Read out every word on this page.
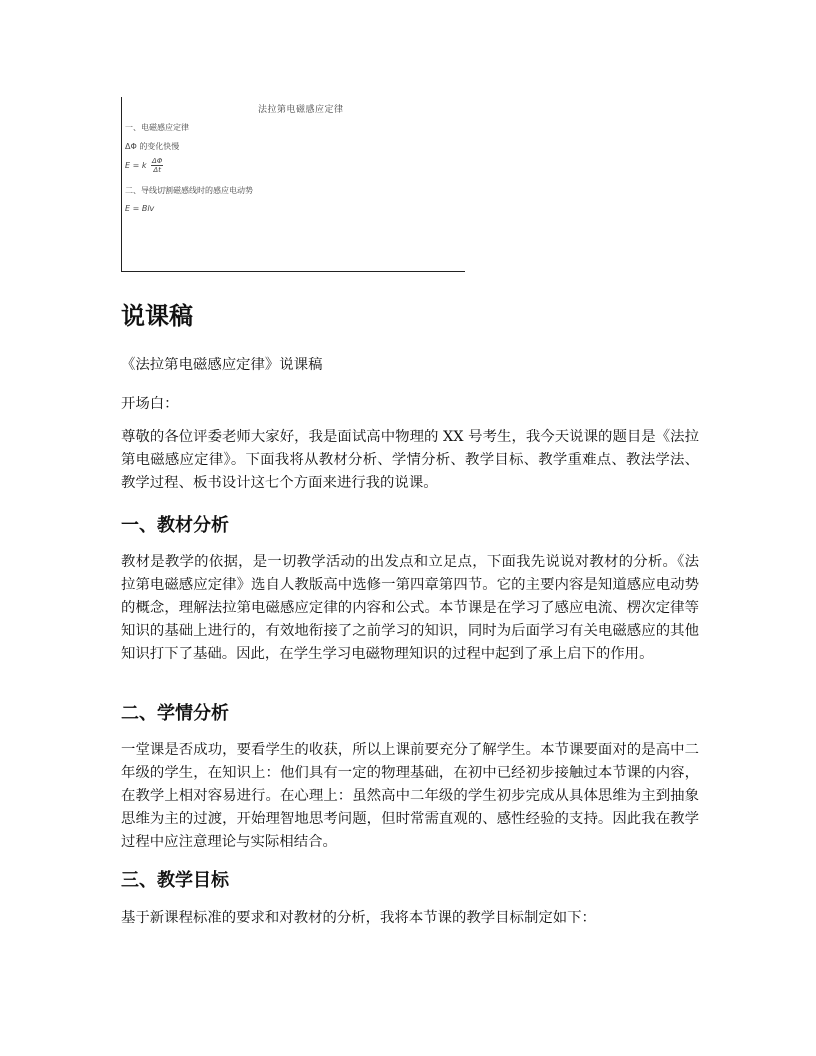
法拉第电磁感应定律
一、电磁感应定律
ΔΦ 的变化快慢
E = k $\frac{\Delta\Phi}{\Delta t}$
二、导线切割磁感线时的感应电动势
E = Blv
说课稿

《法拉第电磁感应定律》说课稿

开场白：

尊敬的各位评委老师大家好，我是面试高中物理的 XX 号考生，我今天说课的题目是《法拉第电磁感应定律》。下面我将从教材分析、学情分析、教学目标、教学重难点、教法学法、教学过程、板书设计这七个方面来进行我的说课。

一、教材分析

教材是教学的依据，是一切教学活动的出发点和立足点，下面我先说说对教材的分析。《法拉第电磁感应定律》选自人教版高中选修一第四章第四节。它的主要内容是知道感应电动势的概念，理解法拉第电磁感应定律的内容和公式。本节课是在学习了感应电流、楞次定律等知识的基础上进行的，有效地衔接了之前学习的知识，同时为后面学习有关电磁感应的其他知识打下了基础。因此，在学生学习电磁物理知识的过程中起到了承上启下的作用。

二、学情分析

一堂课是否成功，要看学生的收获，所以上课前要充分了解学生。本节课要面对的是高中二年级的学生，在知识上：他们具有一定的物理基础，在初中已经初步接触过本节课的内容，在教学上相对容易进行。在心理上：虽然高中二年级的学生初步完成从具体思维为主到抽象思维为主的过渡，开始理智地思考问题，但时常需直观的、感性经验的支持。因此我在教学过程中应注意理论与实际相结合。

三、教学目标

基于新课程标准的要求和对教材的分析，我将本节课的教学目标制定如下：
